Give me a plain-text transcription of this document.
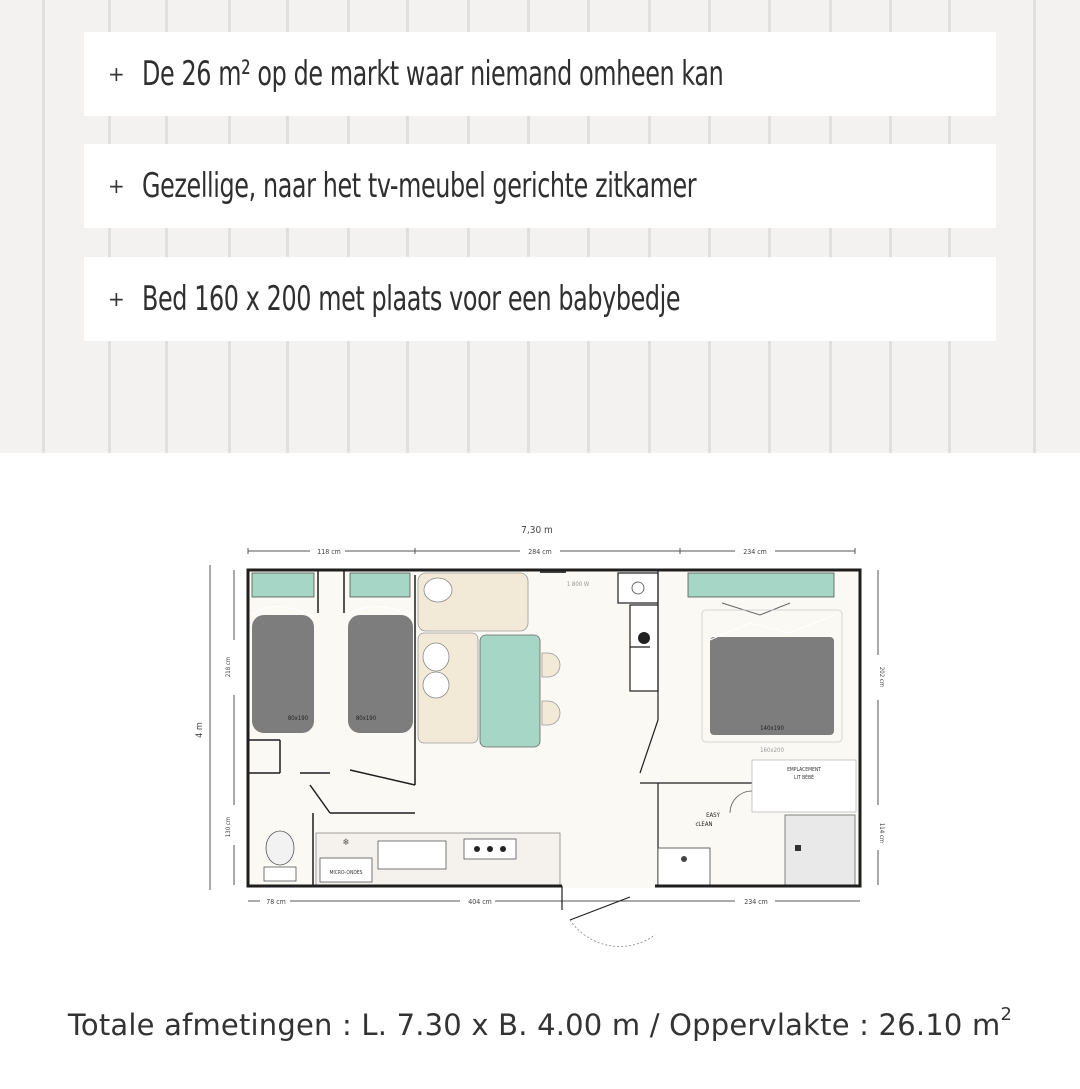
+ De 26 m² op de markt waar niemand omheen kan
+ Gezellige, naar het tv-meubel gerichte zitkamer
+ Bed 160 x 200 met plaats voor een babybedje
7,30 m
118 cm	284 cm	234 cm
4 m
218 cm
130 cm
202 cm
114 cm
78 cm	404 cm	234 cm
80x190	80x190
1 800 W
140x190
160x200
EMPLACEMENT
LIT BÉBÉ
EASY
cLEAN
❄
MICRO-ONDES
Totale afmetingen : L. 7.30 x B. 4.00 m / Oppervlakte : 26.10 $m^2$
